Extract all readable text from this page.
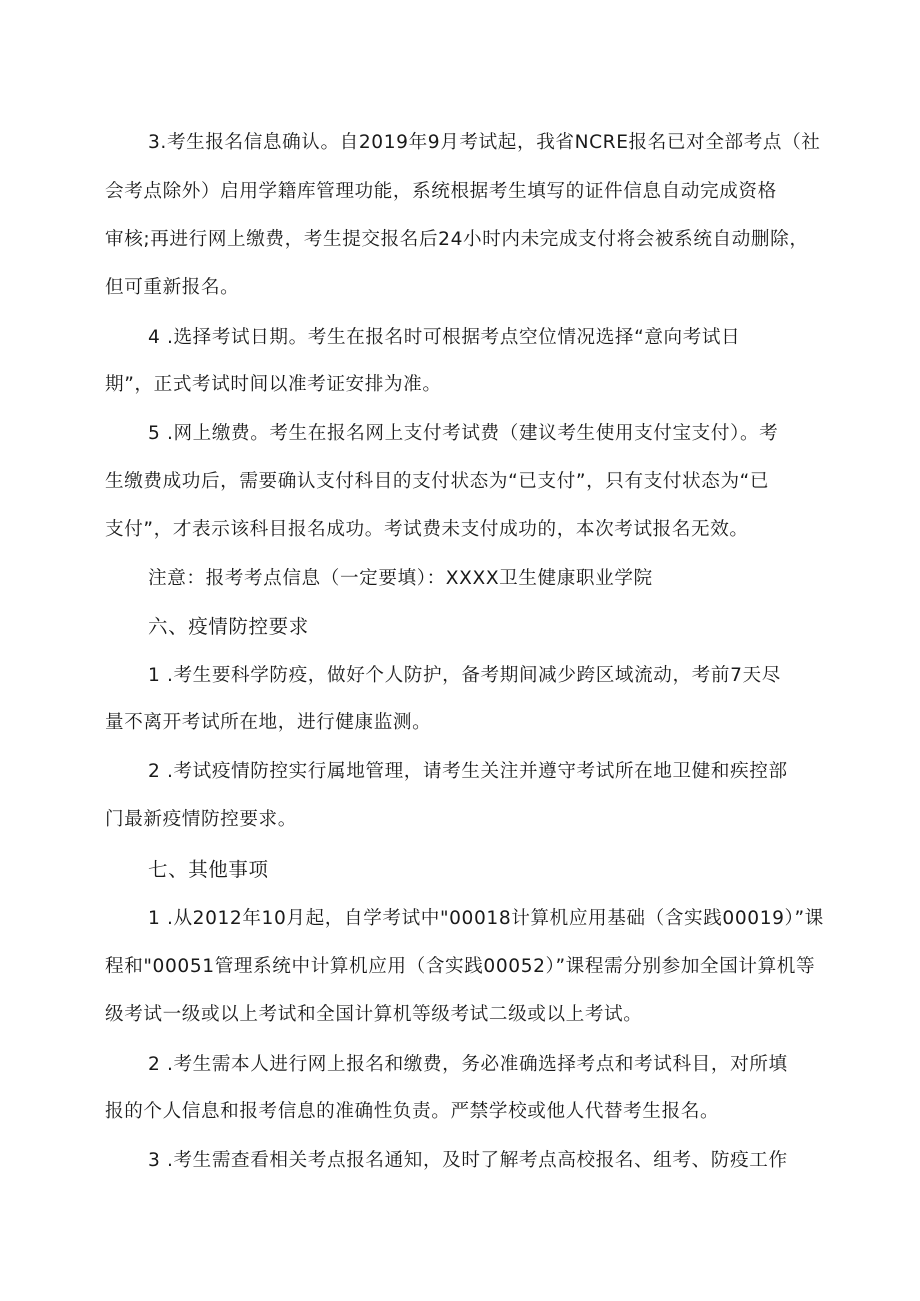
3.考生报名信息确认。自2019年9月考试起，我省NCRE报名已对全部考点（社
会考点除外）启用学籍库管理功能，系统根据考生填写的证件信息自动完成资格
审核;再进行网上缴费，考生提交报名后24小时内未完成支付将会被系统自动删除，
但可重新报名。
4 .选择考试日期。考生在报名时可根据考点空位情况选择“意向考试日
期”，正式考试时间以准考证安排为准。
5 .网上缴费。考生在报名网上支付考试费（建议考生使用支付宝支付）。考
生缴费成功后，需要确认支付科目的支付状态为“已支付”，只有支付状态为“已
支付”，才表示该科目报名成功。考试费未支付成功的，本次考试报名无效。
注意：报考考点信息（一定要填）：XXXX卫生健康职业学院
六、疫情防控要求
1 .考生要科学防疫，做好个人防护，备考期间减少跨区域流动，考前7天尽
量不离开考试所在地，进行健康监测。
2 .考试疫情防控实行属地管理，请考生关注并遵守考试所在地卫健和疾控部
门最新疫情防控要求。
七、其他事项
1 .从2012年10月起，自学考试中"00018计算机应用基础（含实践00019）”课
程和"00051管理系统中计算机应用（含实践00052）”课程需分别参加全国计算机等
级考试一级或以上考试和全国计算机等级考试二级或以上考试。
2 .考生需本人进行网上报名和缴费，务必准确选择考点和考试科目，对所填
报的个人信息和报考信息的准确性负责。严禁学校或他人代替考生报名。
3 .考生需查看相关考点报名通知，及时了解考点高校报名、组考、防疫工作
